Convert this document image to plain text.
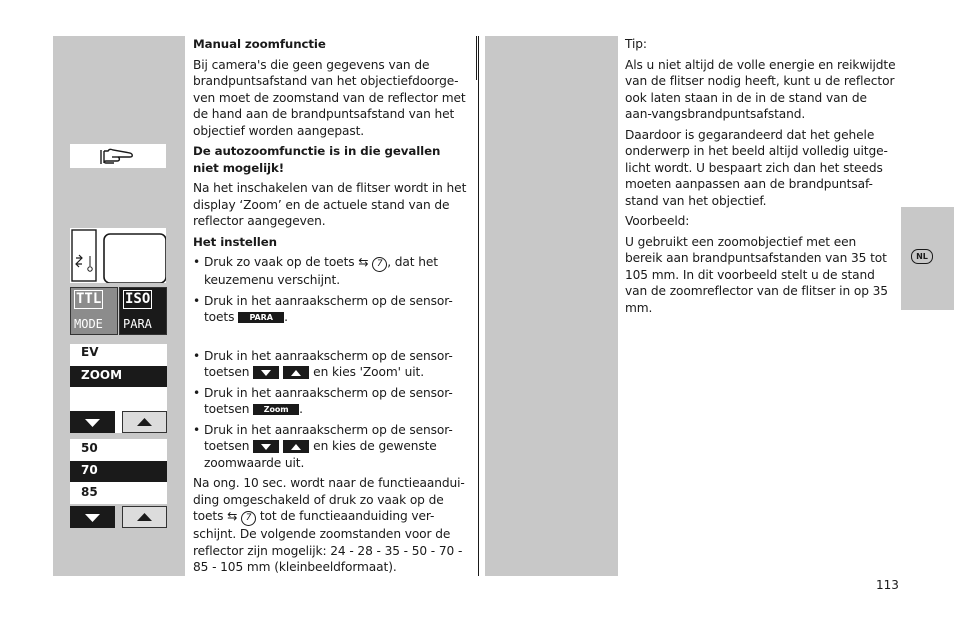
TTL
MODE
ISO
PARA
EV
ZOOM
50
70
85

Manual zoomfunctie

Bij camera's die geen gegevens van de brandpuntsafstand van het objectiefdoorge-ven moet de zoomstand van de reflector met de hand aan de brandpuntsafstand van het objectief worden aangepast.

De autozoomfunctie is in die gevallen niet mogelijk!

Na het inschakelen van de flitser wordt in het display ‘Zoom’ en de actuele stand van de reflector aangegeven.

Het instellen

• Druk zo vaak op de toets ⇆ 7 , dat het keuzemenu verschijnt.
• Druk in het aanraakscherm op de sensor-toets PARA .
• Druk in het aanraakscherm op de sensor-toetsen	en kies 'Zoom' uit.
• Druk in het aanraakscherm op de sensor-toetsen Zoom .
• Druk in het aanraakscherm op de sensor-toetsen	en kies de gewenste zoomwaarde uit.

Na ong. 10 sec. wordt naar de functieaandui-ding omgeschakeld of druk zo vaak op de toets ⇆ 7 tot de functieaanduiding ver-schijnt. De volgende zoomstanden voor de reflector zijn mogelijk: 24 - 28 - 35 - 50 - 70 - 85 - 105 mm (kleinbeeldformaat).

Tip:

Als u niet altijd de volle energie en reikwijdte van de flitser nodig heeft, kunt u de reflector ook laten staan in de in de stand van de aan-vangsbrandpuntsafstand.

Daardoor is gegarandeerd dat het gehele onderwerp in het beeld altijd volledig uitge-licht wordt. U bespaart zich dan het steeds moeten aanpassen aan de brandpuntsaf-stand van het objectief.

Voorbeeld:

U gebruikt een zoomobjectief met een bereik aan brandpuntsafstanden van 35 tot 105 mm. In dit voorbeeld stelt u de stand van de zoomreflector van de flitser in op 35 mm.

NL
113
